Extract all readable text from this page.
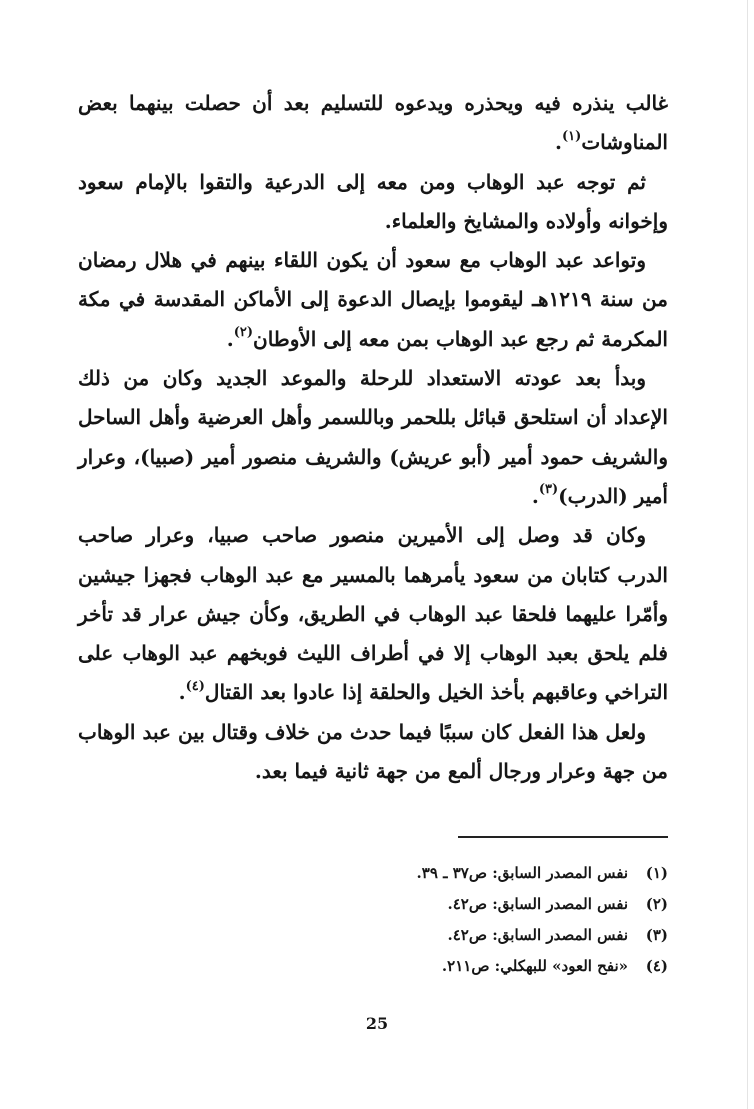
غالب ينذره فيه ويحذره ويدعوه للتسليم بعد أن حصلت بينهما بعض المناوشات$^{(١)}$.

ثم توجه عبد الوهاب ومن معه إلى الدرعية والتقوا بالإمام سعود وإخوانه وأولاده والمشايخ والعلماء.

وتواعد عبد الوهاب مع سعود أن يكون اللقاء بينهم في هلال رمضان من سنة ١٢١٩هـ ليقوموا بإيصال الدعوة إلى الأماكن المقدسة في مكة المكرمة ثم رجع عبد الوهاب بمن معه إلى الأوطان$^{(٢)}$.

وبدأ بعد عودته الاستعداد للرحلة والموعد الجديد وكان من ذلك الإعداد أن استلحق قبائل بللحمر وباللسمر وأهل العرضية وأهل الساحل والشريف حمود أمير (أبو عريش) والشريف منصور أمير (صبيا)، وعرار أمير (الدرب)$^{(٣)}$.

وكان قد وصل إلى الأميرين منصور صاحب صبيا، وعرار صاحب الدرب كتابان من سعود يأمرهما بالمسير مع عبد الوهاب فجهزا جيشين وأمّرا عليهما فلحقا عبد الوهاب في الطريق، وكأن جيش عرار قد تأخر فلم يلحق بعبد الوهاب إلا في أطراف الليث فوبخهم عبد الوهاب على التراخي وعاقبهم بأخذ الخيل والحلقة إذا عادوا بعد القتال$^{(٤)}$.

ولعل هذا الفعل كان سببًا فيما حدث من خلاف وقتال بين عبد الوهاب من جهة وعرار ورجال ألمع من جهة ثانية فيما بعد.

(١)نفس المصدر السابق: ص٣٧ ـ ٣٩.
(٢)نفس المصدر السابق: ص٤٢.
(٣)نفس المصدر السابق: ص٤٢.
(٤)«نفح العود» للبهكلي: ص٢١١.
25
